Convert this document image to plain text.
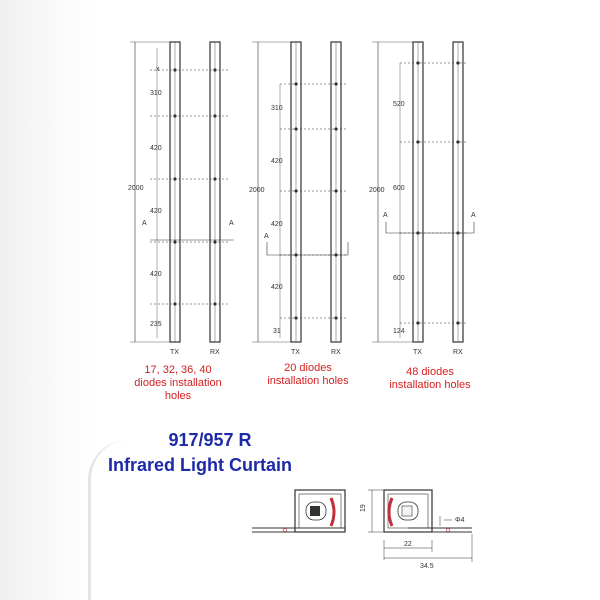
x
310
420
420
420
235
2000
A	A
TX	RX
310
420
420
420
31
2000
A
TX	RX
520
600
600
124
2000
A	A
TX	RX
19
22
34.5
Φ4
17, 32, 36, 40
diodes installation
holes
20 diodes
installation holes
48 diodes
installation holes
917/957 R
Infrared Light Curtain
